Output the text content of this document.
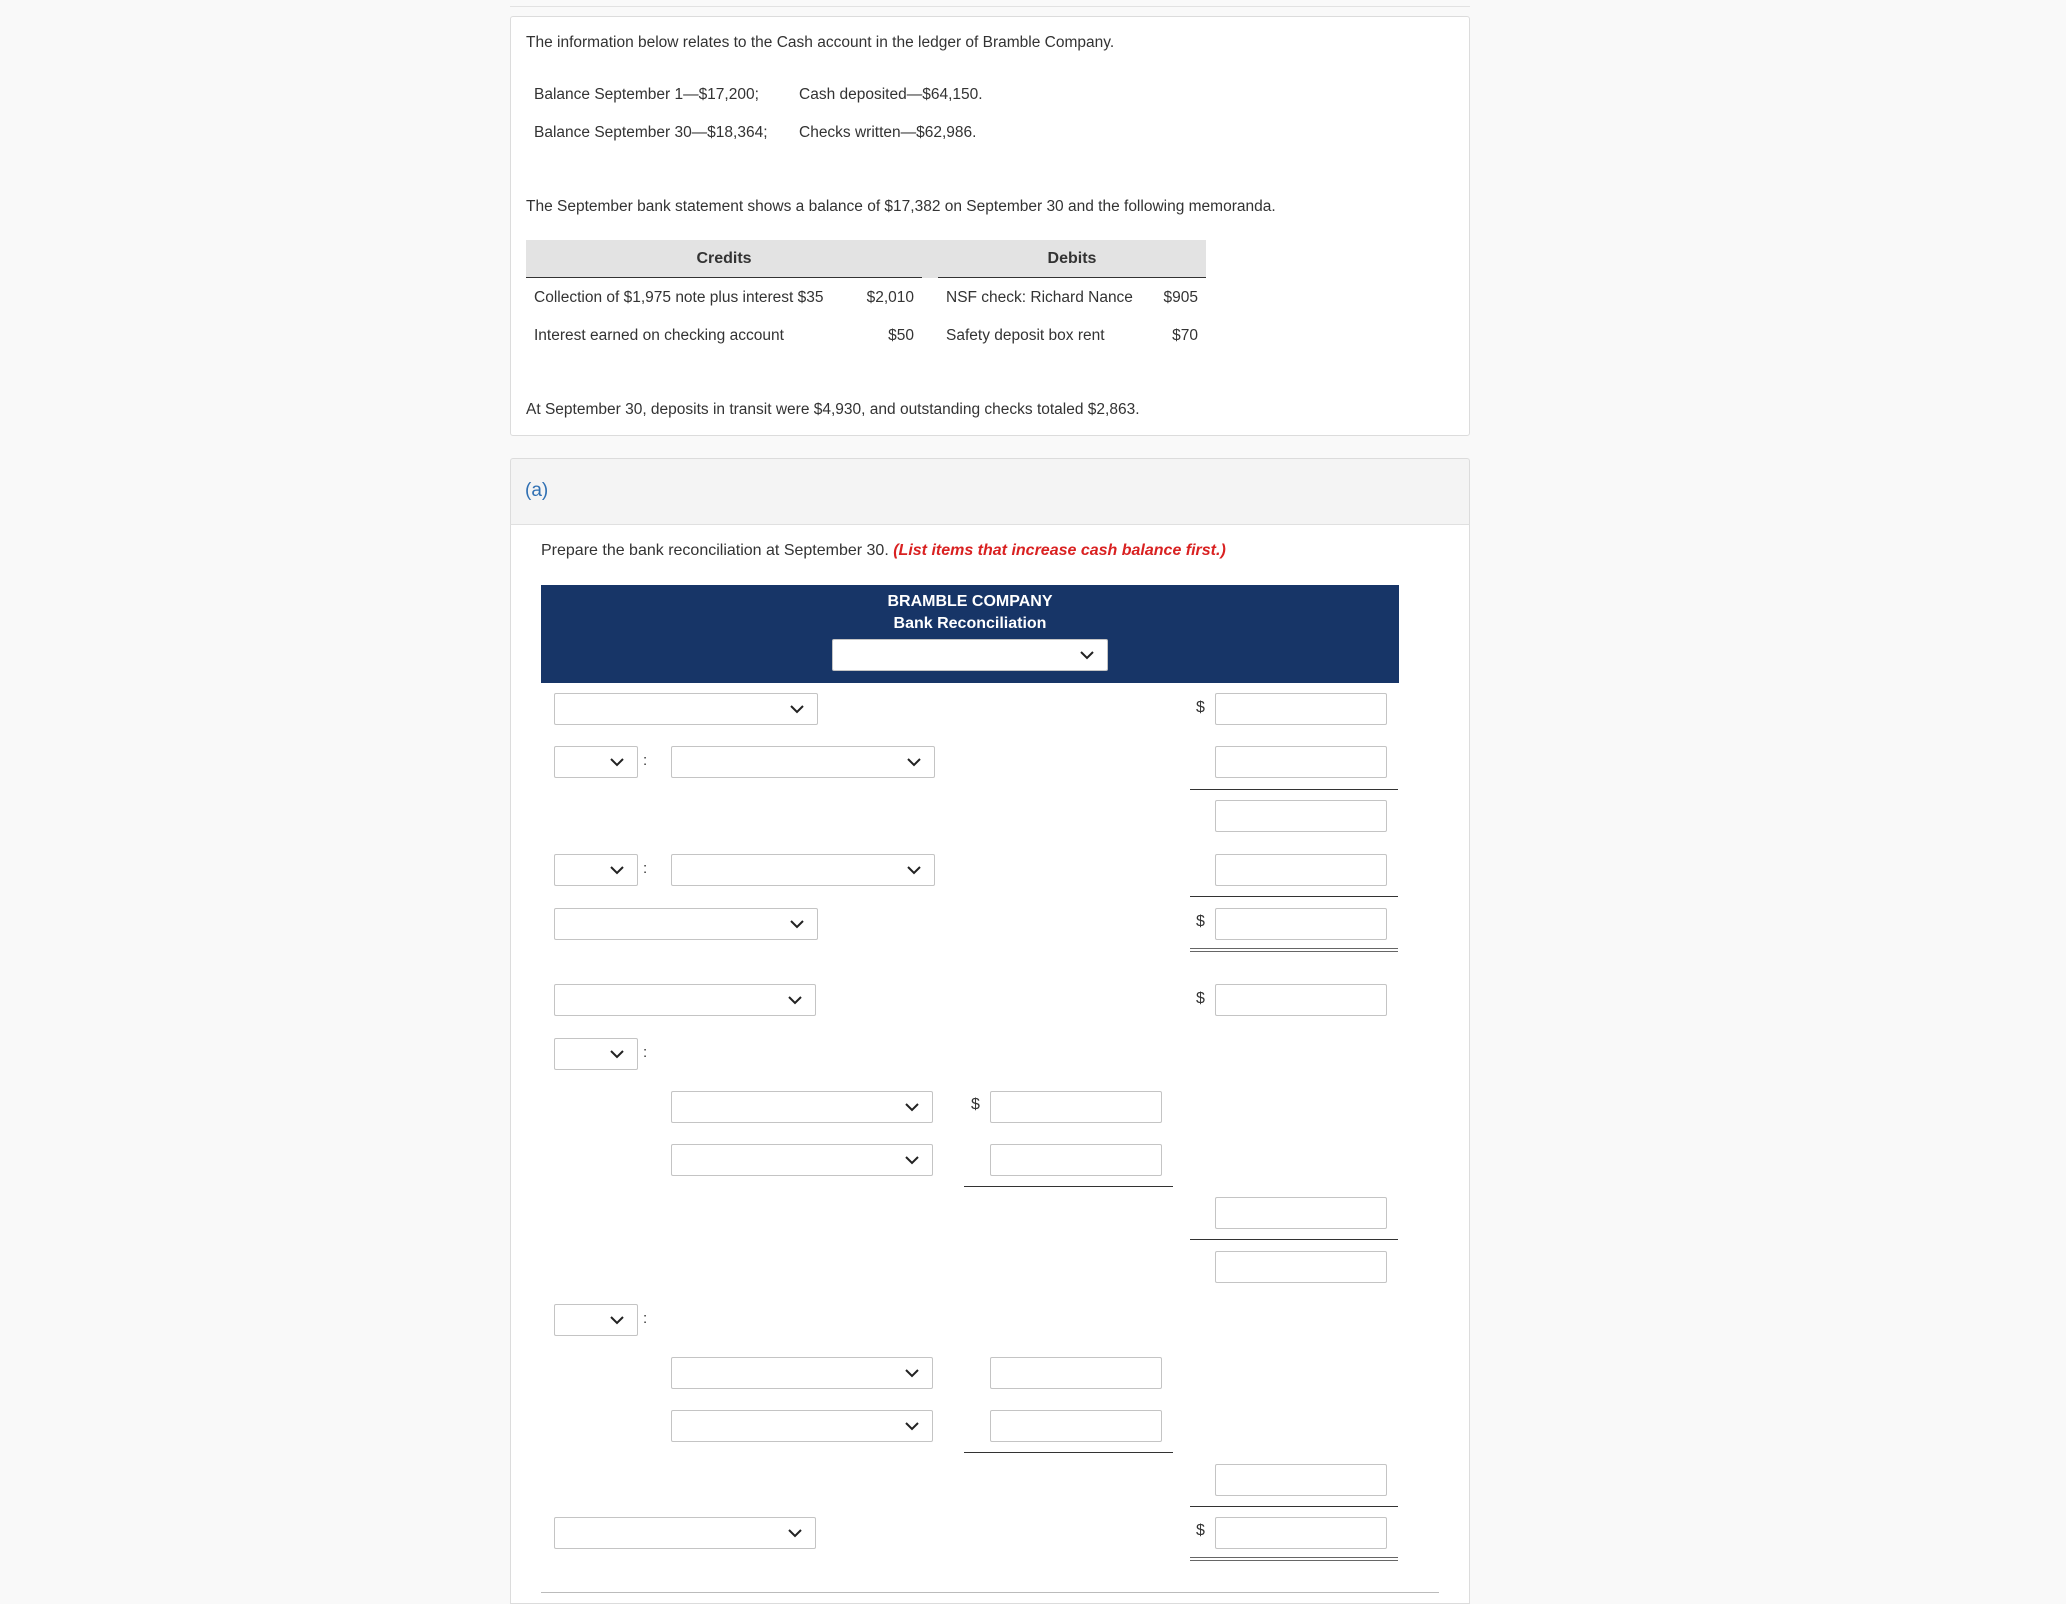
The information below relates to the Cash account in the ledger of Bramble Company.
Balance September 1—$17,200;	Cash deposited—$64,150.
Balance September 30—$18,364; Checks written—$62,986.
The September bank statement shows a balance of $17,382 on September 30 and the following memoranda.
Credits	Debits
Collection of $1,975 note plus interest $35	$2,010 NSF check: Richard Nance	$905
Interest earned on checking account	$50 Safety deposit box rent	$70
At September 30, deposits in transit were $4,930, and outstanding checks totaled $2,863.
(a)
Prepare the bank reconciliation at September 30. (List items that increase cash balance first.)
BRAMBLE COMPANY
Bank Reconciliation
$
:
:
$
$
:
$
:
$
